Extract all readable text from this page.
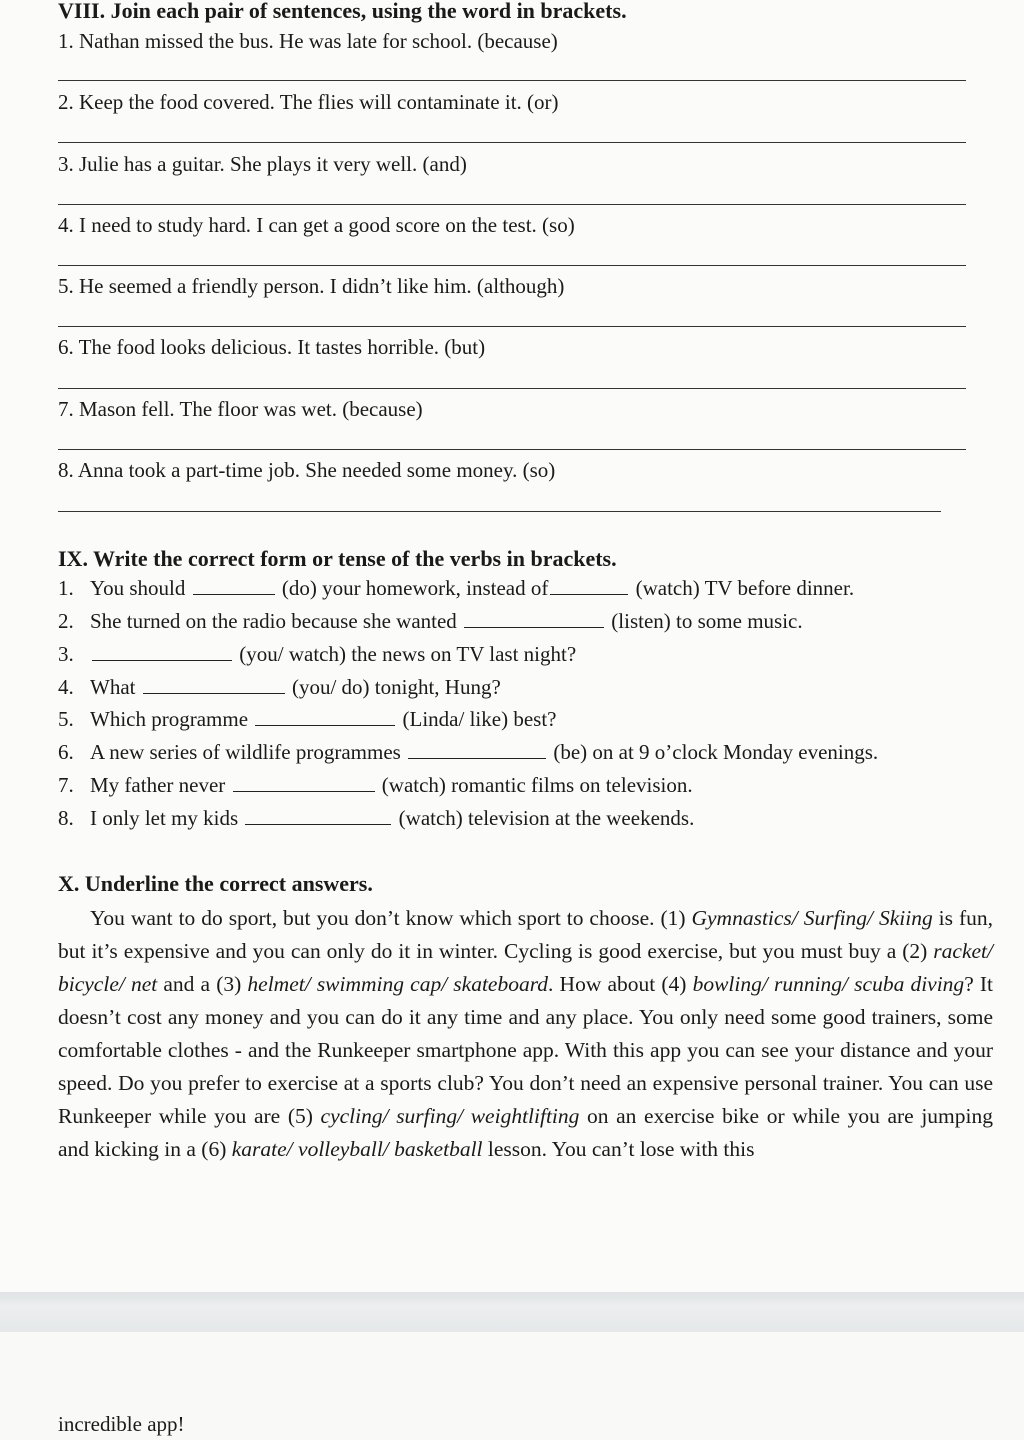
VIII. Join each pair of sentences, using the word in brackets.
1. Nathan missed the bus. He was late for school. (because)
2. Keep the food covered. The flies will contaminate it. (or)
3. Julie has a guitar. She plays it very well. (and)
4. I need to study hard. I can get a good score on the test. (so)
5. He seemed a friendly person. I didn’t like him. (although)
6. The food looks delicious. It tastes horrible. (but)
7. Mason fell. The floor was wet. (because)
8. Anna took a part-time job. She needed some money. (so)
IX. Write the correct form or tense of the verbs in brackets.
1. You should	(do) your homework, instead of	(watch) TV before dinner.
2. She turned on the radio because she wanted	(listen) to some music.
3.	(you/ watch) the news on TV last night?
4. What	(you/ do) tonight, Hung?
5. Which programme	(Linda/ like) best?
6. A new series of wildlife programmes	(be) on at 9 o’clock Monday evenings.
7. My father never	(watch) romantic films on television.
8. I only let my kids	(watch) television at the weekends.
X. Underline the correct answers.
You want to do sport, but you don’t know which sport to choose. (1) Gymnastics/ Surfing/ Skiing is fun, but it’s expensive and you can only do it in winter. Cycling is good exercise, but you must buy a (2) racket/ bicycle/ net and a (3) helmet/ swimming cap/ skateboard. How about (4) bowling/ running/ scuba diving? It doesn’t cost any money and you can do it any time and any place. You only need some good trainers, some comfortable clothes - and the Runkeeper smartphone app. With this app you can see your distance and your speed. Do you prefer to exercise at a sports club? You don’t need an expensive personal trainer. You can use Runkeeper while you are (5) cycling/ surfing/ weightlifting on an exercise bike or while you are jumping and kicking in a (6) karate/ volleyball/ basketball lesson. You can’t lose with this
incredible app!
